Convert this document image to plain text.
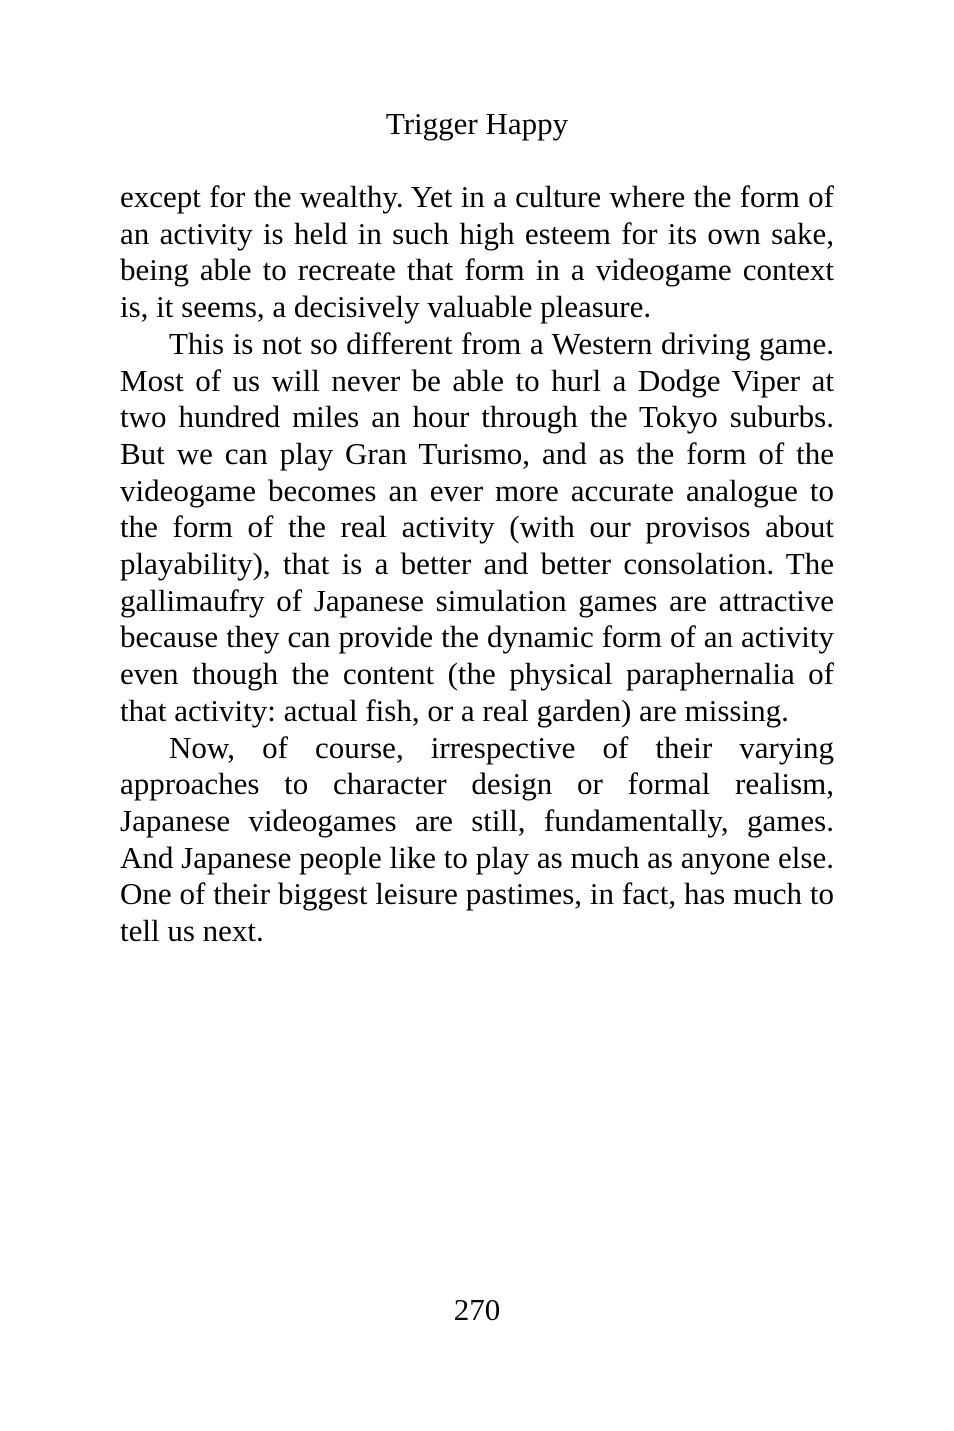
Trigger Happy

except for the wealthy. Yet in a culture where the form of an activity is held in such high esteem for its own sake, being able to recreate that form in a videogame context is, it seems, a decisively valuable pleasure.

This is not so different from a Western driving game. Most of us will never be able to hurl a Dodge Viper at two hundred miles an hour through the Tokyo suburbs. But we can play Gran Turismo, and as the form of the videogame becomes an ever more accurate analogue to the form of the real activity (with our provisos about playability), that is a better and better consolation. The gallimaufry of Japanese simulation games are attractive because they can provide the dynamic form of an activity even though the content (the physical paraphernalia of that activity: actual fish, or a real garden) are missing.

Now, of course, irrespective of their varying approaches to character design or formal realism, Japanese videogames are still, fundamentally, games. And Japanese people like to play as much as anyone else. One of their biggest leisure pastimes, in fact, has much to tell us next.

270
